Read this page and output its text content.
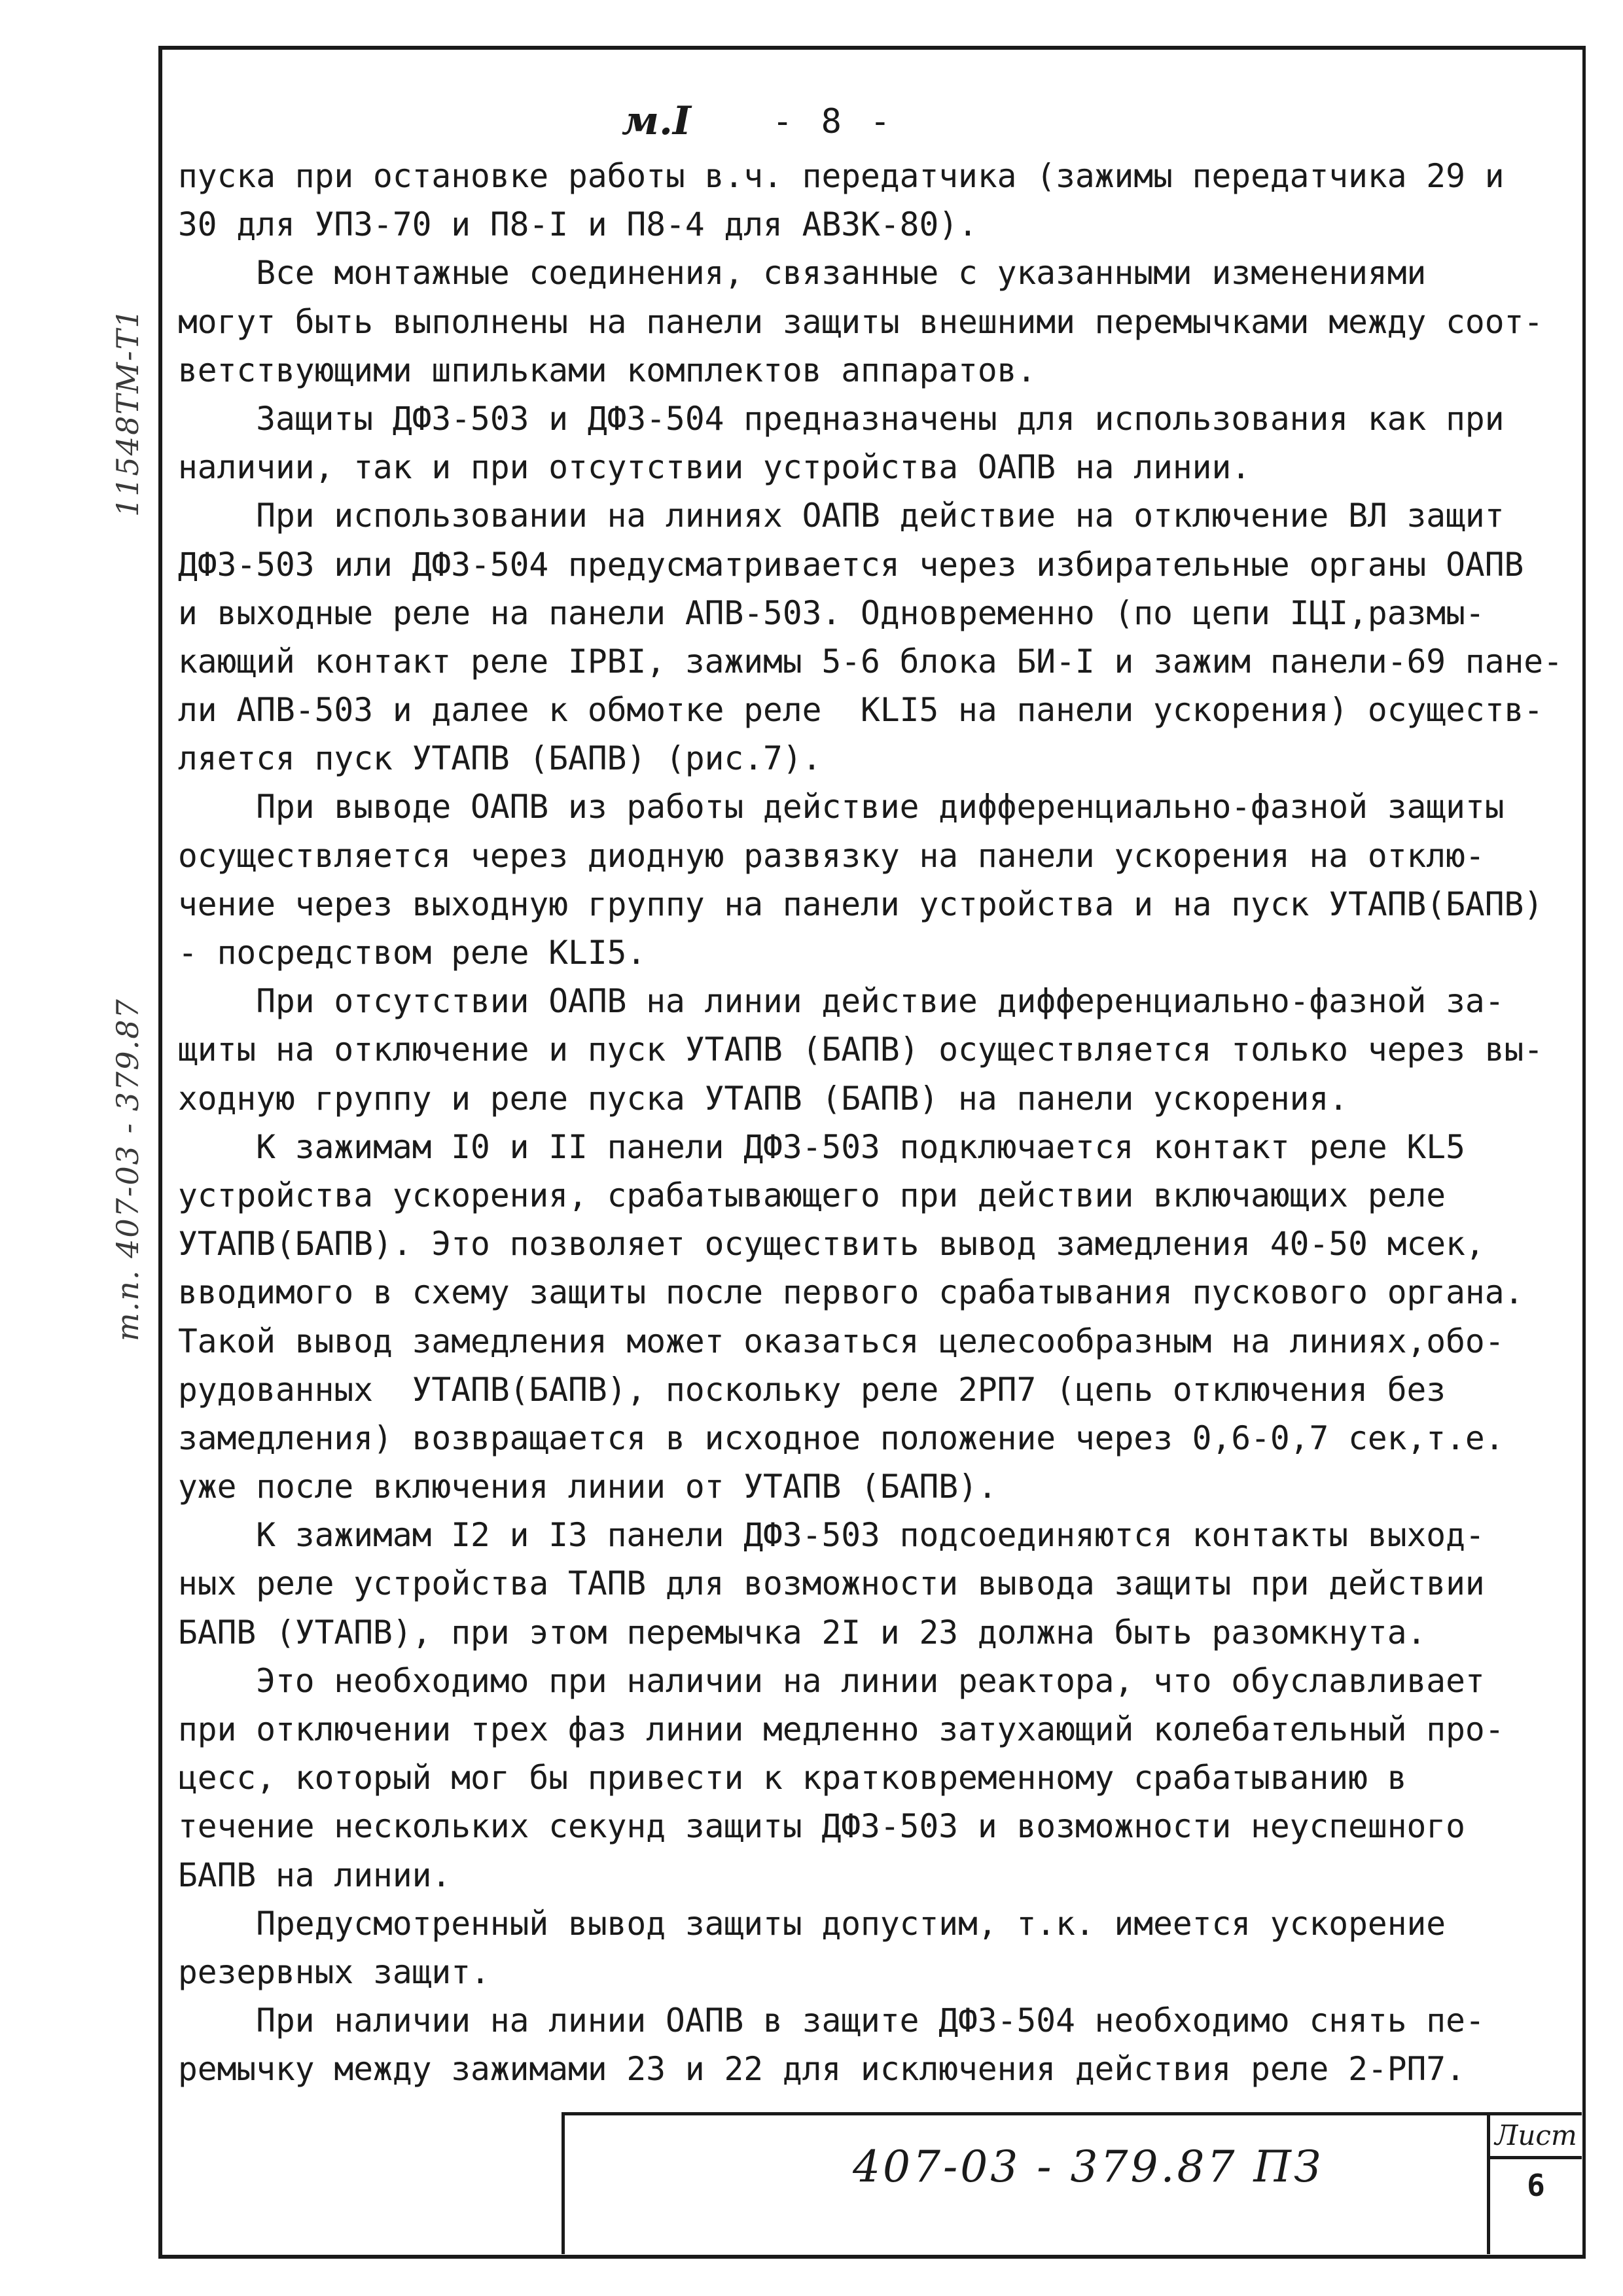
11548ТМ-Т1
т.п. 407-03 - 379.87
м.I - 8 -
пуска при остановке работы в.ч. передатчика (зажимы передатчика 29 и
30 для УПЗ-70 и П8-I и П8-4 для АВЗК-80).
Все монтажные соединения, связанные с указанными изменениями
могут быть выполнены на панели защиты внешними перемычками между соот-
ветствующими шпильками комплектов аппаратов.
Защиты ДФЗ-503 и ДФЗ-504 предназначены для использования как при
наличии, так и при отсутствии устройства ОАПВ на линии.
При использовании на линиях ОАПВ действие на отключение ВЛ защит
ДФЗ-503 или ДФЗ-504 предусматривается через избирательные органы ОАПВ
и выходные реле на панели АПВ-503. Одновременно (по цепи IЦI,размы-
кающий контакт реле IРВI, зажимы 5-6 блока БИ-I и зажим панели-69 пане-
ли АПВ-503 и далее к обмотке реле  КLI5 на панели ускорения) осуществ-
ляется пуск УТАПВ (БАПВ) (рис.7).
При выводе ОАПВ из работы действие дифференциально-фазной защиты
осуществляется через диодную развязку на панели ускорения на отклю-
чение через выходную группу на панели устройства и на пуск УТАПВ(БАПВ)
- посредством реле КLI5.
При отсутствии ОАПВ на линии действие дифференциально-фазной за-
щиты на отключение и пуск УТАПВ (БАПВ) осуществляется только через вы-
ходную группу и реле пуска УТАПВ (БАПВ) на панели ускорения.
К зажимам I0 и II панели ДФЗ-503 подключается контакт реле КL5
устройства ускорения, срабатывающего при действии включающих реле
УТАПВ(БАПВ). Это позволяет осуществить вывод замедления 40-50 мсек,
вводимого в схему защиты после первого срабатывания пускового органа.
Такой вывод замедления может оказаться целесообразным на линиях,обо-
рудованных  УТАПВ(БАПВ), поскольку реле 2РП7 (цепь отключения без
замедления) возвращается в исходное положение через 0,6-0,7 сек,т.е.
уже после включения линии от УТАПВ (БАПВ).
К зажимам I2 и I3 панели ДФЗ-503 подсоединяются контакты выход-
ных реле устройства ТАПВ для возможности вывода защиты при действии
БАПВ (УТАПВ), при этом перемычка 2I и 23 должна быть разомкнута.
Это необходимо при наличии на линии реактора, что обуславливает
при отключении трех фаз линии медленно затухающий колебательный про-
цесс, который мог бы привести к кратковременному срабатыванию в
течение нескольких секунд защиты ДФЗ-503 и возможности неуспешного
БАПВ на линии.
Предусмотренный вывод защиты допустим, т.к. имеется ускорение
резервных защит.
При наличии на линии ОАПВ в защите ДФЗ-504 необходимо снять пе-
ремычку между зажимами 23 и 22 для исключения действия реле 2-РП7.
407-03 - 379.87 ПЗ
Лист
6
